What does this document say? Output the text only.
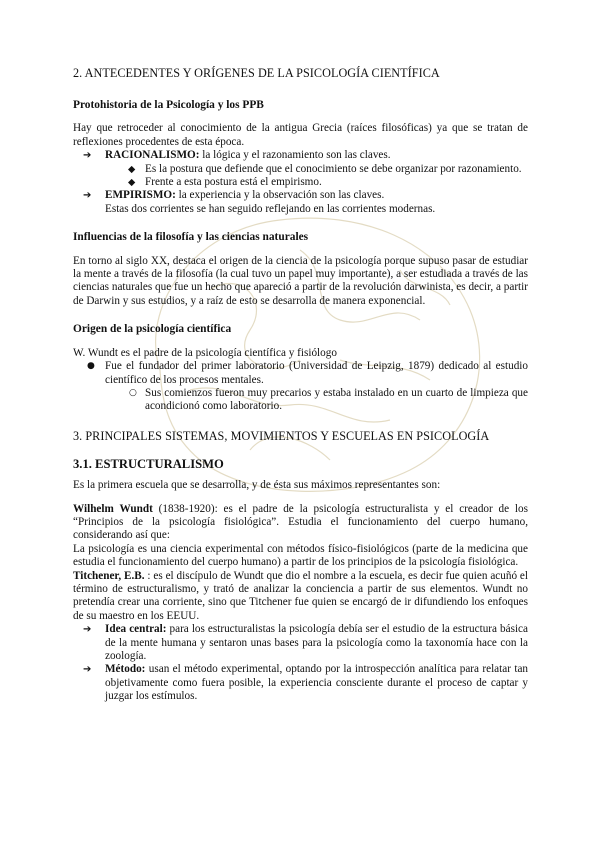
2. ANTECEDENTES Y ORÍGENES DE LA PSICOLOGÍA CIENTÍFICA
Protohistoria de la Psicología y los PPB

Hay que retroceder al conocimiento de la antigua Grecia (raíces filosóficas) ya que se tratan de reflexiones procedentes de esta época.

➔ RACIONALISMO: la lógica y el razonamiento son las claves.
◆ Es la postura que defiende que el conocimiento se debe organizar por razonamiento.
◆ Frente a esta postura está el empirismo.
➔ EMPIRISMO: la experiencia y la observación son las claves.
Estas dos corrientes se han seguido reflejando en las corrientes modernas.
Influencias de la filosofía y las ciencias naturales

En torno al siglo XX, destaca el origen de la ciencia de la psicología porque supuso pasar de estudiar la mente a través de la filosofía (la cual tuvo un papel muy importante), a ser estudiada a través de las ciencias naturales que fue un hecho que apareció a partir de la revolución darwinista, es decir, a partir de Darwin y sus estudios, y a raíz de esto se desarrolla de manera exponencial.

Origen de la psicología científica

W. Wundt es el padre de la psicología científica y fisiólogo

● Fue el fundador del primer laboratorio (Universidad de Leipzig, 1879) dedicado al estudio científico de los procesos mentales.
○ Sus comienzos fueron muy precarios y estaba instalado en un cuarto de limpieza que acondicionó como laboratorio.
3. PRINCIPALES SISTEMAS, MOVIMIENTOS Y ESCUELAS EN PSICOLOGÍA
3.1. ESTRUCTURALISMO

Es la primera escuela que se desarrolla, y de ésta sus máximos representantes son:

Wilhelm Wundt (1838-1920): es el padre de la psicología estructuralista y el creador de los “Principios de la psicología fisiológica”. Estudia el funcionamiento del cuerpo humano, considerando así que:

La psicología es una ciencia experimental con métodos físico-fisiológicos (parte de la medicina que estudia el funcionamiento del cuerpo humano) a partir de los principios de la psicología fisiológica.

Titchener, E.B. : es el discípulo de Wundt que dio el nombre a la escuela, es decir fue quien acuñó el término de estructuralismo, y trató de analizar la conciencia a partir de sus elementos. Wundt no pretendía crear una corriente, sino que Titchener fue quien se encargó de ir difundiendo los enfoques de su maestro en los EEUU.

➔ Idea central: para los estructuralistas la psicología debía ser el estudio de la estructura básica de la mente humana y sentaron unas bases para la psicología como la taxonomía hace con la zoología.
➔ Método: usan el método experimental, optando por la introspección analítica para relatar tan objetivamente como fuera posible, la experiencia consciente durante el proceso de captar y juzgar los estímulos.
